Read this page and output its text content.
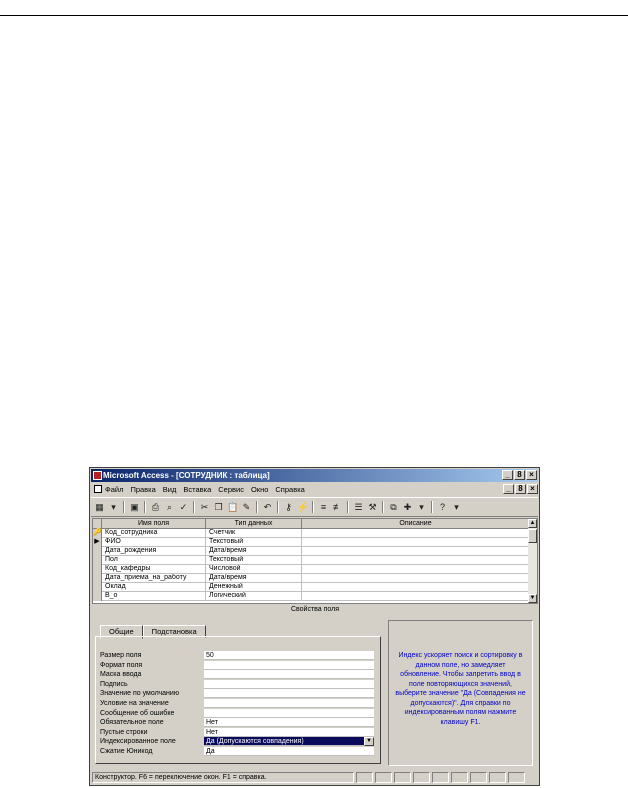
Microsoft Access - [СОТРУДНИК : таблица]	_ 8 ×
Файл Правка Вид Вставка Сервис Окно Справка	_ 8 ×
▦ ▾	▣ ⎙ ⌕ ✓ ✂ ❐ 📋 ✎ ↶ ⚷ ⚡	≡ ≢ ☰ ⚒ ⧉ ✚ ▾	?	▾
Имя поля	Тип данных	Описание
🔑 Код_сотрудника	Счетчик
▶ ФИО	Текстовый
Дата_рождения	Дата/время
Пол	Текстовый
Код_кафедры	Числовой
Дата_приема_на_работу	Дата/время
Оклад	Денежный
В_о	Логический
▲
▼
Свойства поля
Общие	Подстановка
Размер поля	50
Формат поля
Маска ввода
Подпись
Значение по умолчанию
Условие на значение
Сообщение об ошибке
Обязательное поле	Нет
Пустые строки	Нет
Индексированное поле	Да (Допускаются совпадения)	▼
Сжатие Юникод	Да
Индекс ускоряет поиск и сортировку в данном поле, но замедляет обновление. Чтобы запретить ввод в поле повторяющихся значений, выберите значение "Да (Совпадения не допускаются)". Для справки по индексированным полям нажмите клавишу F1.
Конструктор. F6 = переключение окон. F1 = справка.
